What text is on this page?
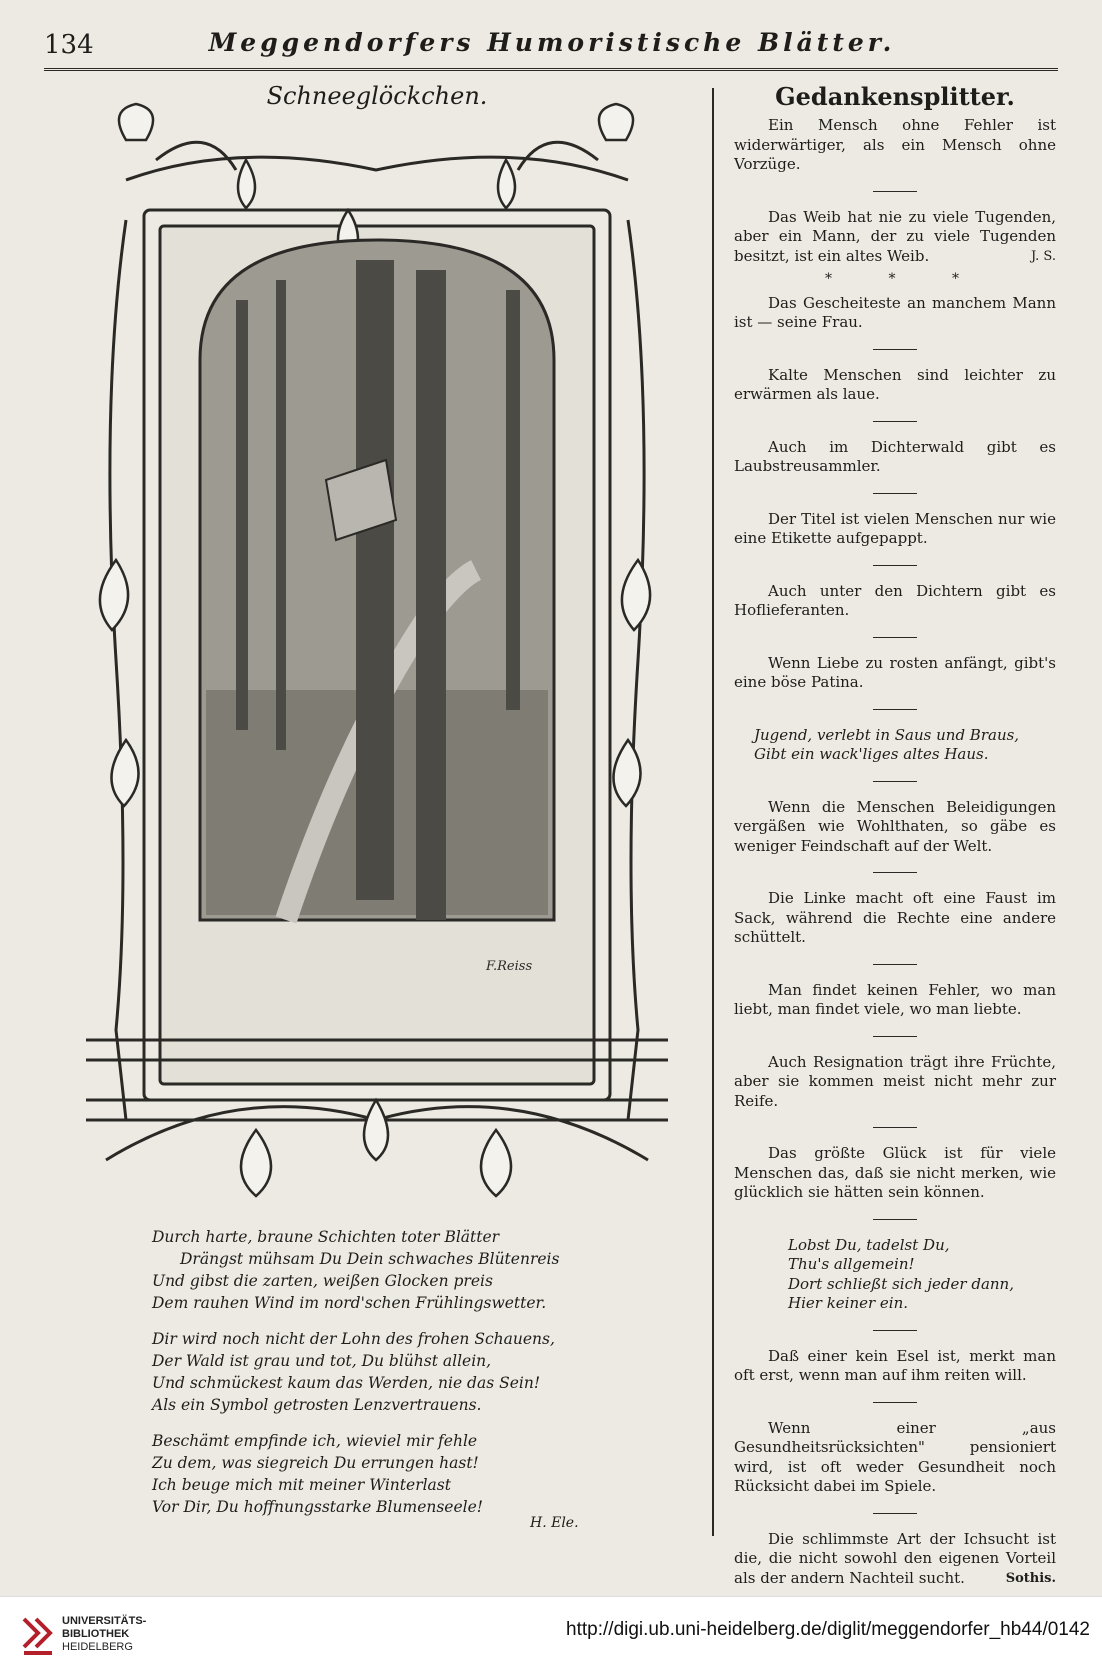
134	Meggendorfers Humoristische Blätter.
Schneeglöckchen.
F.Reiss
Durch harte, braune Schichten toter Blätter
Drängst mühsam Du Dein schwaches Blütenreis
Und gibst die zarten, weißen Glocken preis
Dem rauhen Wind im nord'schen Frühlingswetter.
Dir wird noch nicht der Lohn des frohen Schauens,
Der Wald ist grau und tot, Du blühst allein,
Und schmückest kaum das Werden, nie das Sein!
Als ein Symbol getrosten Lenzvertrauens.
Beschämt empfinde ich, wieviel mir fehle
Zu dem, was siegreich Du errungen hast!
Ich beuge mich mit meiner Winterlast
Vor Dir, Du hoffnungsstarke Blumenseele!
H. Ele.
Gedankensplitter.
Ein Mensch ohne Fehler ist widerwärtiger, als ein Mensch ohne Vorzüge.
Das Weib hat nie zu viele Tugenden, aber ein Mann, der zu viele Tugenden besitzt, ist ein altes Weib.	J. S.
* * *
Das Gescheiteste an manchem Mann ist — seine Frau.
Kalte Menschen sind leichter zu erwärmen als laue.
Auch im Dichterwald gibt es Laubstreusammler.
Der Titel ist vielen Menschen nur wie eine Etikette aufgepappt.
Auch unter den Dichtern gibt es Hoflieferanten.
Wenn Liebe zu rosten anfängt, gibt's eine böse Patina.
Jugend, verlebt in Saus und Braus,
Gibt ein wack'liges altes Haus.
Wenn die Menschen Beleidigungen vergäßen wie Wohlthaten, so gäbe es weniger Feindschaft auf der Welt.
Die Linke macht oft eine Faust im Sack, während die Rechte eine andere schüttelt.
Man findet keinen Fehler, wo man liebt, man findet viele, wo man liebte.
Auch Resignation trägt ihre Früchte, aber sie kommen meist nicht mehr zur Reife.
Das größte Glück ist für viele Menschen das, daß sie nicht merken, wie glücklich sie hätten sein können.
Lobst Du, tadelst Du,
Thu's allgemein!
Dort schließt sich jeder dann,
Hier keiner ein.
Daß einer kein Esel ist, merkt man oft erst, wenn man auf ihm reiten will.
Wenn einer „aus Gesundheitsrücksichten" pensioniert wird, ist oft weder Gesundheit noch Rücksicht dabei im Spiele.
Die schlimmste Art der Ichsucht ist die, die nicht sowohl den eigenen Vorteil als der andern Nachteil sucht.	Sothis.
UNIVERSITÄTS-
BIBLIOTHEK
HEIDELBERG
http://digi.ub.uni-heidelberg.de/diglit/meggendorfer_hb44/0142
